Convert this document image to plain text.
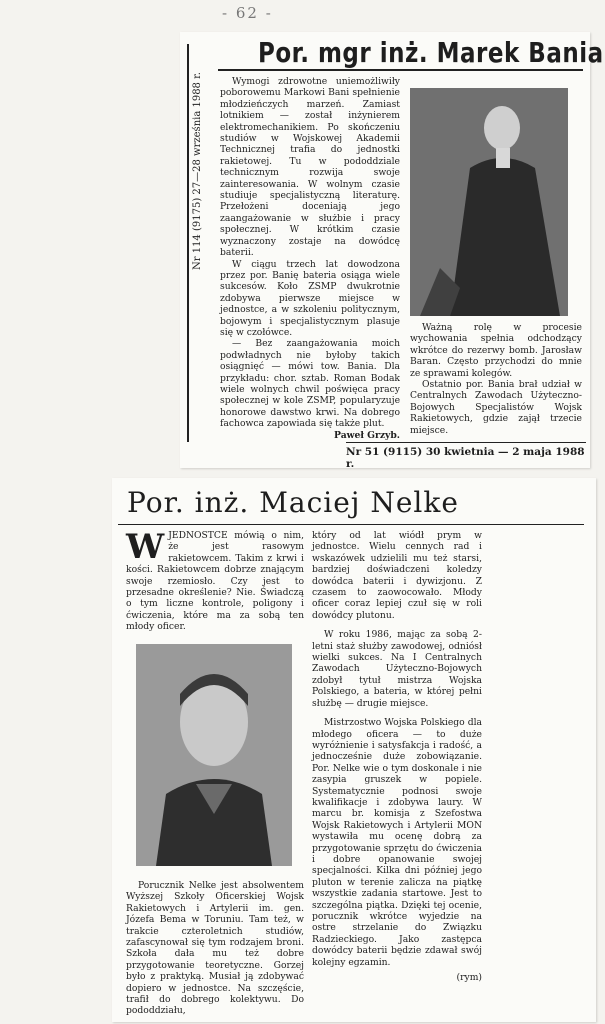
- 62 -
Nr 114 (9175) 27—28 września 1988 r.
Por. mgr inż. Marek Bania

Wymogi zdrowotne uniemożliwiły poborowemu Markowi Bani spełnienie młodzieńczych marzeń. Zamiast lotnikiem — został inżynierem elektromechanikiem. Po skończeniu studiów w Wojskowej Akademii Technicznej trafia do jednostki rakietowej. Tu w pododdziale technicznym rozwija swoje zainteresowania. W wolnym czasie studiuje specjalistyczną literaturę. Przełożeni doceniają jego zaangażowanie w służbie i pracy społecznej. W krótkim czasie wyznaczony zostaje na dowódcę baterii.

W ciągu trzech lat dowodzona przez por. Banię bateria osiąga wiele sukcesów. Koło ZSMP dwukrotnie zdobywa pierwsze miejsce w jednostce, a w szkoleniu politycznym, bojowym i specjalistycznym plasuje się w czołówce.

— Bez zaangażowania moich podwładnych nie byłoby takich osiągnięć — mówi tow. Bania. Dla przykładu: chor. sztab. Roman Bodak wiele wolnych chwil poświęca pracy społecznej w kole ZSMP, popularyzuje honorowe dawstwo krwi. Na dobrego fachowca zapowiada się także plut.

Paweł Grzyb.

Ważną rolę w procesie wychowania spełnia odchodzący wkrótce do rezerwy bomb. Jarosław Baran. Często przychodzi do mnie ze sprawami kolegów.

Ostatnio por. Bania brał udział w Centralnych Zawodach Użyteczno-Bojowych Specjalistów Wojsk Rakietowych, gdzie zajął trzecie miejsce.

Nr 51 (9115) 30 kwietnia — 2 maja 1988 r.
Por. inż. Maciej Nelke
WJEDNOSTCE mówią o nim, że jest rasowym rakietowcem. Takim z krwi i kości. Rakietowcem dobrze znającym swoje rzemiosło. Czy jest to przesadne określenie? Nie. Świadczą o tym liczne kontrole, poligony i ćwiczenia, które ma za sobą ten młody oficer.

Porucznik Nelke jest absolwentem Wyższej Szkoły Oficerskiej Wojsk Rakietowych i Artylerii im. gen. Józefa Bema w Toruniu. Tam też, w trakcie czteroletnich studiów, zafascynował się tym rodzajem broni. Szkoła dała mu też dobre przygotowanie teoretyczne. Gorzej było z praktyką. Musiał ją zdobywać dopiero w jednostce. Na szczęście, trafił do dobrego kolektywu. Do pododdziału,

który od lat wiódł prym w jednostce. Wielu cennych rad i wskazówek udzielili mu też starsi, bardziej doświadczeni koledzy dowódca baterii i dywizjonu. Z czasem to zaowocowało. Młody oficer coraz lepiej czuł się w roli dowódcy plutonu.

W roku 1986, mając za sobą 2-letni staż służby zawodowej, odniósł wielki sukces. Na I Centralnych Zawodach Użyteczno-Bojowych zdobył tytuł mistrza Wojska Polskiego, a bateria, w której pełni służbę — drugie miejsce.

Mistrzostwo Wojska Polskiego dla młodego oficera — to duże wyróżnienie i satysfakcja i radość, a jednocześnie duże zobowiązanie. Por. Nelke wie o tym doskonale i nie zasypia gruszek w popiele. Systematycznie podnosi swoje kwalifikacje i zdobywa laury. W marcu br. komisja z Szefostwa Wojsk Rakietowych i Artylerii MON wystawiła mu ocenę dobrą za przygotowanie sprzętu do ćwiczenia i dobre opanowanie swojej specjalności. Kilka dni później jego pluton w terenie zalicza na piątkę wszystkie zadania startowe. Jest to szczególna piątka. Dzięki tej ocenie, porucznik wkrótce wyjedzie na ostre strzelanie do Związku Radzieckiego. Jako zastępca dowódcy baterii będzie zdawał swój kolejny egzamin.

(rym)
